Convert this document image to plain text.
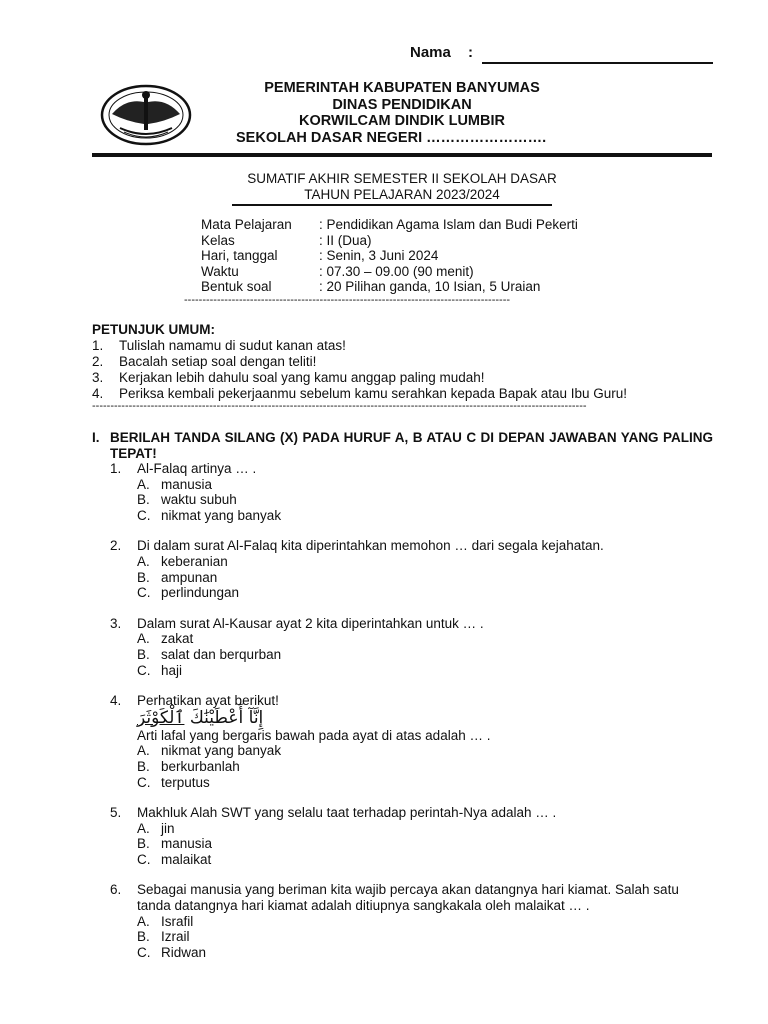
Nama :
PEMERINTAH KABUPATEN BANYUMAS
DINAS PENDIDIKAN
KORWILCAM DINDIK LUMBIR
SEKOLAH DASAR NEGERI …………………….
SUMATIF AKHIR SEMESTER II SEKOLAH DASAR
TAHUN PELAJARAN 2023/2024
Mata Pelajaran	: Pendidikan Agama Islam dan Budi Pekerti
Kelas	: II (Dua)
Hari, tanggal	: Senin, 3 Juni 2024
Waktu	: 07.30 – 09.00 (90 menit)
Bentuk soal	: 20 Pilihan ganda, 10 Isian, 5 Uraian
-----------------------------------------------------------------------------------------
PETUNJUK UMUM:
1.	Tulislah namamu di sudut kanan atas!
2.	Bacalah setiap soal dengan teliti!
3.	Kerjakan lebih dahulu soal yang kamu anggap paling mudah!
4.	Periksa kembali pekerjaanmu sebelum kamu serahkan kepada Bapak atau Ibu Guru!
---------------------------------------------------------------------------------------------------------------------------------------
I. BERILAH TANDA SILANG (X) PADA HURUF A, B ATAU C DI DEPAN JAWABAN YANG PALING TEPAT!
1.	Al-Falaq artinya … .
A. manusia
B. waktu subuh
C. nikmat yang banyak
2.	Di dalam surat Al-Falaq kita diperintahkan memohon … dari segala kejahatan.
A. keberanian
B. ampunan
C. perlindungan
3.	Dalam surat Al-Kausar ayat 2 kita diperintahkan untuk … .
A. zakat
B. salat dan berqurban
C. haji
4.	Perhatikan ayat berikut!
إِنَّآ أَعْطَيْنَٰكَ ٱلْكَوْثَرَ
Arti lafal yang bergaris bawah pada ayat di atas adalah … .
A. nikmat yang banyak
B. berkurbanlah
C. terputus
5.	Makhluk Alah SWT yang selalu taat terhadap perintah-Nya adalah … .
A. jin
B. manusia
C. malaikat
6.	Sebagai manusia yang beriman kita wajib percaya akan datangnya hari kiamat. Salah satu tanda datangnya hari kiamat adalah ditiupnya sangkakala oleh malaikat … .
A. Israfil
B. Izrail
C. Ridwan
